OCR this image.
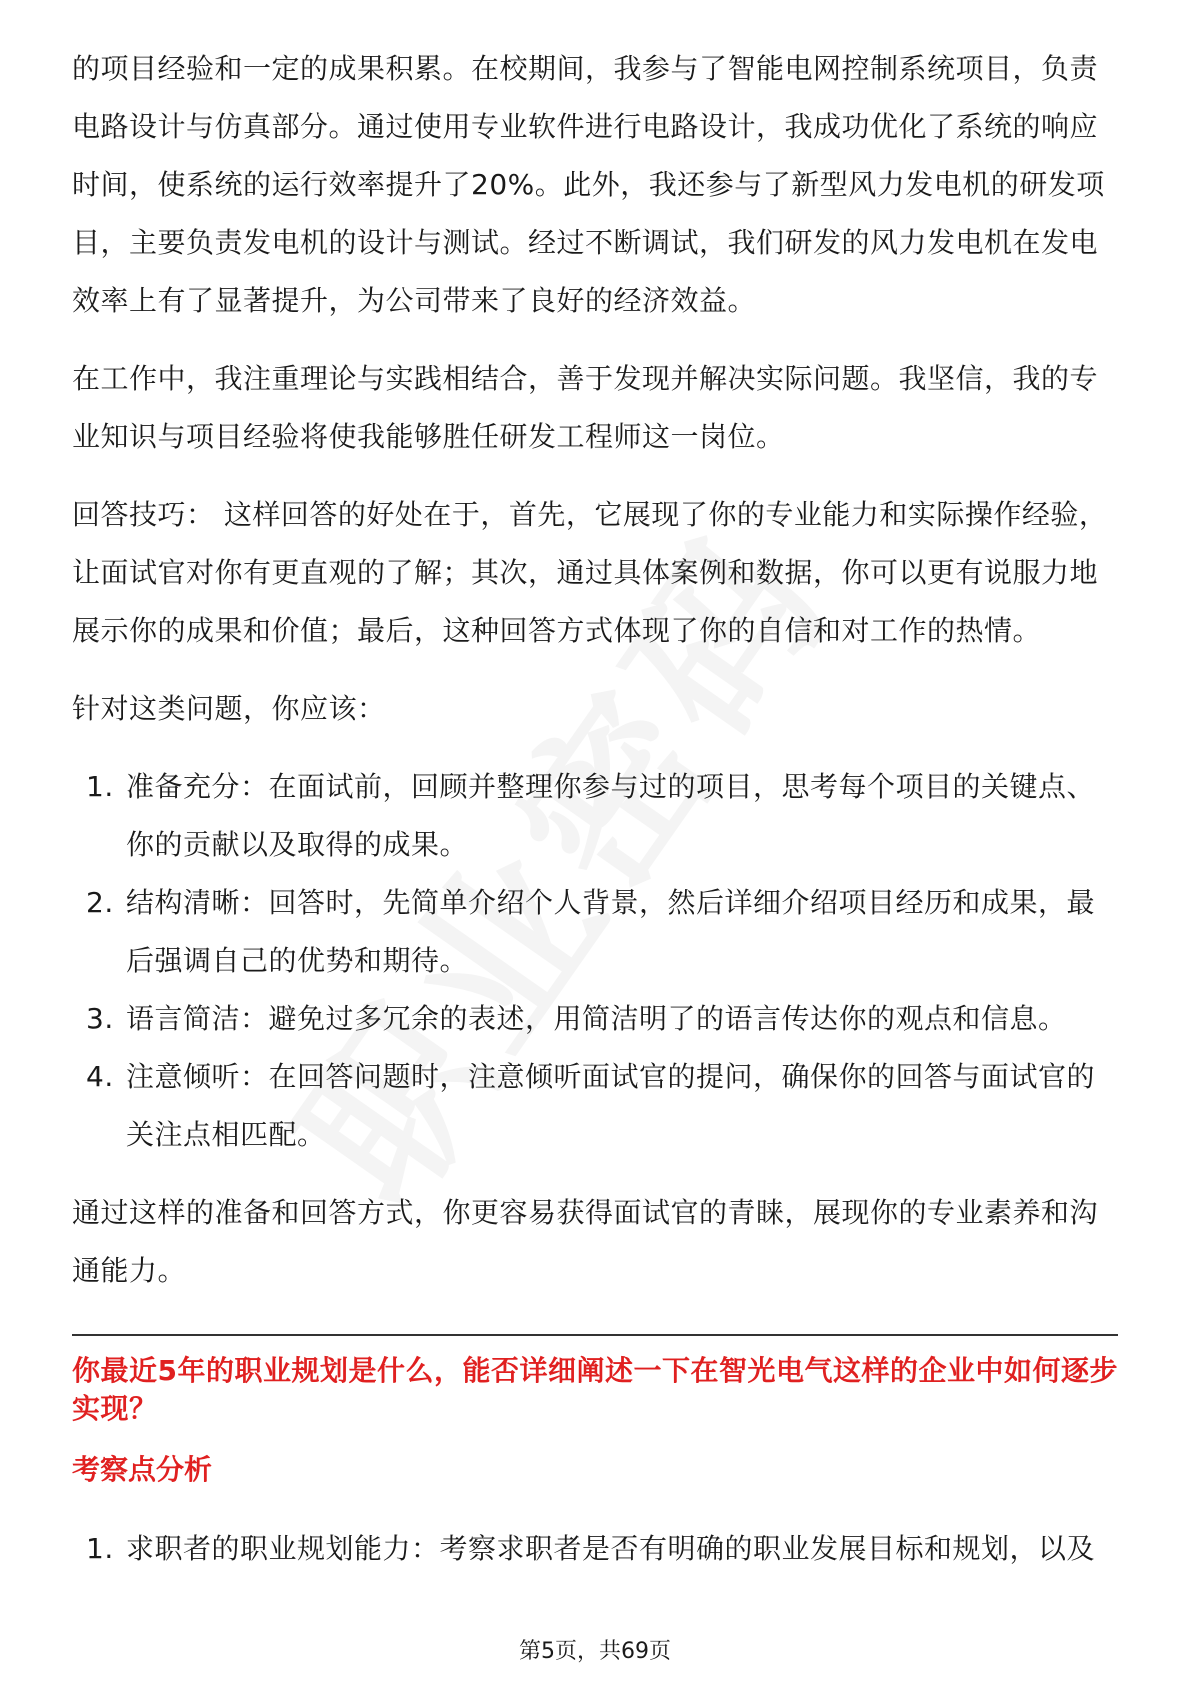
的项目经验和一定的成果积累。在校期间，我参与了智能电网控制系统项目，负责电路设计与仿真部分。通过使用专业软件进行电路设计，我成功优化了系统的响应时间，使系统的运行效率提升了20%。此外，我还参与了新型风力发电机的研发项目，主要负责发电机的设计与测试。经过不断调试，我们研发的风力发电机在发电效率上有了显著提升，为公司带来了良好的经济效益。

在工作中，我注重理论与实践相结合，善于发现并解决实际问题。我坚信，我的专业知识与项目经验将使我能够胜任研发工程师这一岗位。

回答技巧： 这样回答的好处在于，首先，它展现了你的专业能力和实际操作经验，让面试官对你有更直观的了解；其次，通过具体案例和数据，你可以更有说服力地展示你的成果和价值；最后，这种回答方式体现了你的自信和对工作的热情。

针对这类问题，你应该：

1. 准备充分：在面试前，回顾并整理你参与过的项目，思考每个项目的关键点、你的贡献以及取得的成果。
2. 结构清晰：回答时，先简单介绍个人背景，然后详细介绍项目经历和成果，最后强调自己的优势和期待。
3. 语言简洁：避免过多冗余的表述，用简洁明了的语言传达你的观点和信息。
4. 注意倾听：在回答问题时，注意倾听面试官的提问，确保你的回答与面试官的关注点相匹配。

通过这样的准备和回答方式，你更容易获得面试官的青睐，展现你的专业素养和沟通能力。

你最近5年的职业规划是什么，能否详细阐述一下在智光电气这样的企业中如何逐步实现？
考察点分析
1. 求职者的职业规划能力：考察求职者是否有明确的职业发展目标和规划，以及
第5页，共69页
